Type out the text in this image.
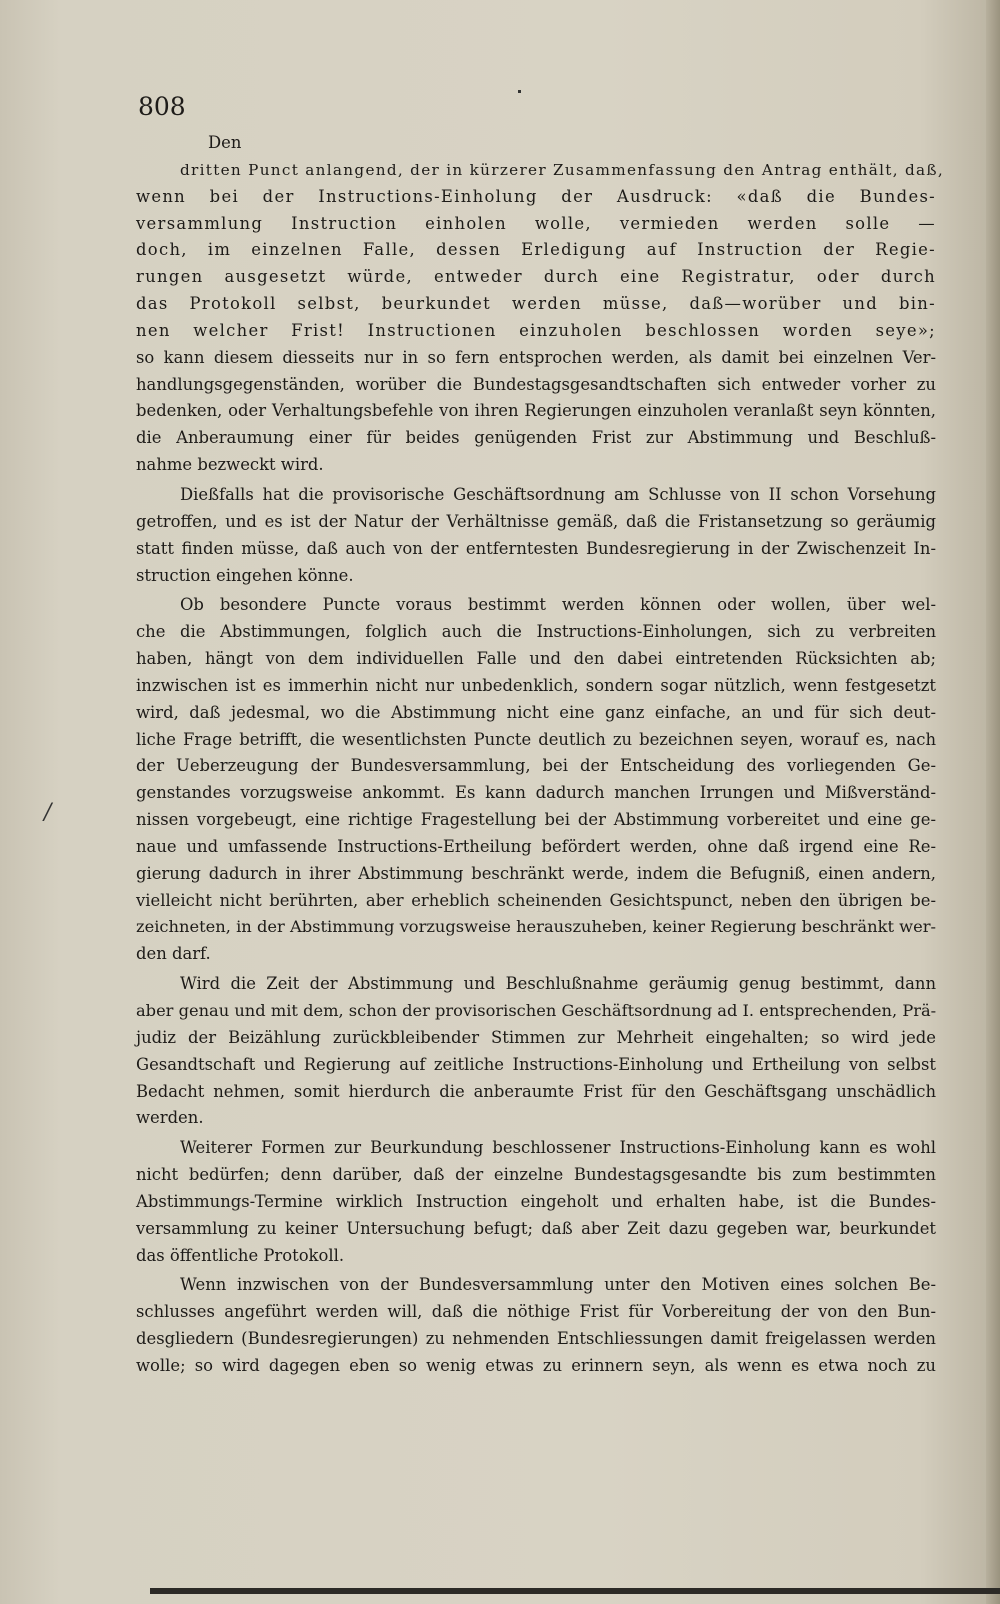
808
/
Den
dritten Punct anlangend, der in kürzerer Zusammenfassung den Antrag enthält, daß,
wenn bei der Instructions-Einholung der Ausdruck: «daß die Bundes-
versammlung Instruction einholen wolle, vermieden werden solle —
doch, im einzelnen Falle, dessen Erledigung auf Instruction der Regie-
rungen ausgesetzt würde, entweder durch eine Registratur, oder durch
das Protokoll selbst, beurkundet werden müsse, daß—worüber und bin-
nen welcher Frist! Instructionen einzuholen beschlossen worden seye»;
so kann diesem diesseits nur in so fern entsprochen werden, als damit bei einzelnen Ver-
handlungsgegenständen, worüber die Bundestagsgesandtschaften sich entweder vorher zu
bedenken, oder Verhaltungsbefehle von ihren Regierungen einzuholen veranlaßt seyn könnten,
die Anberaumung einer für beides genügenden Frist zur Abstimmung und Beschluß-
nahme bezweckt wird.
Dießfalls hat die provisorische Geschäftsordnung am Schlusse von II schon Vorsehung
getroffen, und es ist der Natur der Verhältnisse gemäß, daß die Fristansetzung so geräumig
statt finden müsse, daß auch von der entferntesten Bundesregierung in der Zwischenzeit In-
struction eingehen könne.
Ob besondere Puncte voraus bestimmt werden können oder wollen, über wel-
che die Abstimmungen, folglich auch die Instructions-Einholungen, sich zu verbreiten
haben, hängt von dem individuellen Falle und den dabei eintretenden Rücksichten ab;
inzwischen ist es immerhin nicht nur unbedenklich, sondern sogar nützlich, wenn festgesetzt
wird, daß jedesmal, wo die Abstimmung nicht eine ganz einfache, an und für sich deut-
liche Frage betrifft, die wesentlichsten Puncte deutlich zu bezeichnen seyen, worauf es, nach
der Ueberzeugung der Bundesversammlung, bei der Entscheidung des vorliegenden Ge-
genstandes vorzugsweise ankommt. Es kann dadurch manchen Irrungen und Mißverständ-
nissen vorgebeugt, eine richtige Fragestellung bei der Abstimmung vorbereitet und eine ge-
naue und umfassende Instructions-Ertheilung befördert werden, ohne daß irgend eine Re-
gierung dadurch in ihrer Abstimmung beschränkt werde, indem die Befugniß, einen andern,
vielleicht nicht berührten, aber erheblich scheinenden Gesichtspunct, neben den übrigen be-
zeichneten, in der Abstimmung vorzugsweise herauszuheben, keiner Regierung beschränkt wer-
den darf.
Wird die Zeit der Abstimmung und Beschlußnahme geräumig genug bestimmt, dann
aber genau und mit dem, schon der provisorischen Geschäftsordnung ad I. entsprechenden, Prä-
judiz der Beizählung zurückbleibender Stimmen zur Mehrheit eingehalten; so wird jede
Gesandtschaft und Regierung auf zeitliche Instructions-Einholung und Ertheilung von selbst
Bedacht nehmen, somit hierdurch die anberaumte Frist für den Geschäftsgang unschädlich
werden.
Weiterer Formen zur Beurkundung beschlossener Instructions-Einholung kann es wohl
nicht bedürfen; denn darüber, daß der einzelne Bundestagsgesandte bis zum bestimmten
Abstimmungs-Termine wirklich Instruction eingeholt und erhalten habe, ist die Bundes-
versammlung zu keiner Untersuchung befugt; daß aber Zeit dazu gegeben war, beurkundet
das öffentliche Protokoll.
Wenn inzwischen von der Bundesversammlung unter den Motiven eines solchen Be-
schlusses angeführt werden will, daß die nöthige Frist für Vorbereitung der von den Bun-
desgliedern (Bundesregierungen) zu nehmenden Entschliessungen damit freigelassen werden
wolle; so wird dagegen eben so wenig etwas zu erinnern seyn, als wenn es etwa noch zu
